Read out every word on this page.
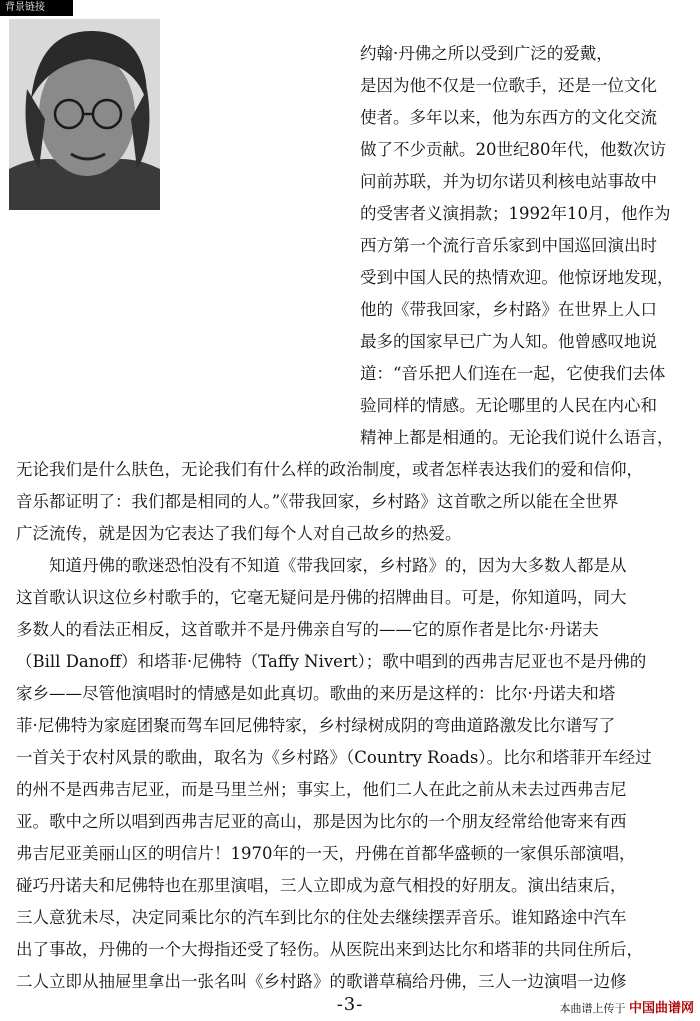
背景链接
约翰·丹佛之所以受到广泛的爱戴，
是因为他不仅是一位歌手，还是一位文化
使者。多年以来，他为东西方的文化交流
做了不少贡献。20世纪80年代，他数次访
问前苏联，并为切尔诺贝利核电站事故中
的受害者义演捐款；1992年10月，他作为
西方第一个流行音乐家到中国巡回演出时
受到中国人民的热情欢迎。他惊讶地发现，
他的《带我回家，乡村路》在世界上人口
最多的国家早已广为人知。他曾感叹地说
道：“音乐把人们连在一起，它使我们去体
验同样的情感。无论哪里的人民在内心和
精神上都是相通的。无论我们说什么语言，
无论我们是什么肤色，无论我们有什么样的政治制度，或者怎样表达我们的爱和信仰，
音乐都证明了：我们都是相同的人。”《带我回家，乡村路》这首歌之所以能在全世界
广泛流传，就是因为它表达了我们每个人对自己故乡的热爱。
知道丹佛的歌迷恐怕没有不知道《带我回家，乡村路》的，因为大多数人都是从
这首歌认识这位乡村歌手的，它毫无疑问是丹佛的招牌曲目。可是，你知道吗，同大
多数人的看法正相反，这首歌并不是丹佛亲自写的——它的原作者是比尔·丹诺夫
（Bill Danoff）和塔菲·尼佛特（Taffy Nivert）；歌中唱到的西弗吉尼亚也不是丹佛的
家乡——尽管他演唱时的情感是如此真切。歌曲的来历是这样的：比尔·丹诺夫和塔
菲·尼佛特为家庭团聚而驾车回尼佛特家，乡村绿树成阴的弯曲道路激发比尔谱写了
一首关于农村风景的歌曲，取名为《乡村路》（Country Roads）。比尔和塔菲开车经过
的州不是西弗吉尼亚，而是马里兰州；事实上，他们二人在此之前从未去过西弗吉尼
亚。歌中之所以唱到西弗吉尼亚的高山，那是因为比尔的一个朋友经常给他寄来有西
弗吉尼亚美丽山区的明信片！1970年的一天，丹佛在首都华盛顿的一家俱乐部演唱，
碰巧丹诺夫和尼佛特也在那里演唱，三人立即成为意气相投的好朋友。演出结束后，
三人意犹未尽，决定同乘比尔的汽车到比尔的住处去继续摆弄音乐。谁知路途中汽车
出了事故，丹佛的一个大拇指还受了轻伤。从医院出来到达比尔和塔菲的共同住所后，
二人立即从抽屉里拿出一张名叫《乡村路》的歌谱草稿给丹佛，三人一边演唱一边修
-3-	本曲谱上传于 中国曲谱网
